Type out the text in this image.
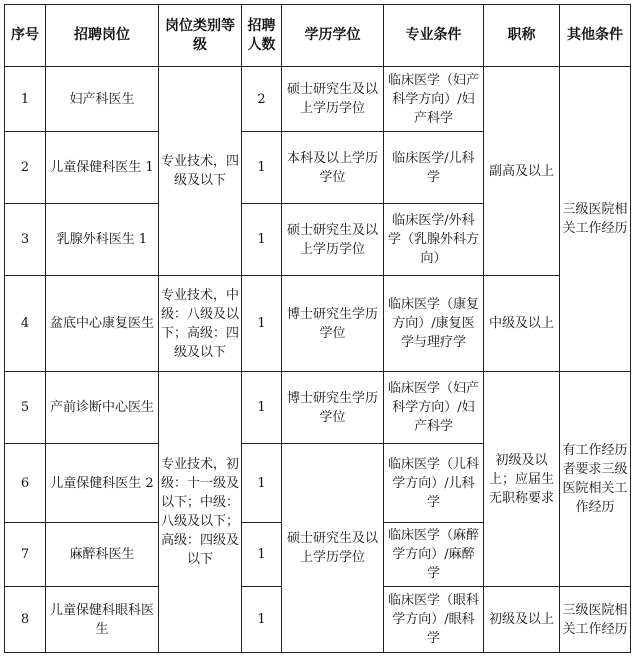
序号	招聘岗位	岗位类别等级	招聘人数	学历学位	专业条件	职称	其他条件
1	妇产科医生	专业技术，四级及以下	2	硕士研究生及以上学历学位	临床医学（妇产科学方向）/妇产科学	副高及以上	三级医院相关工作经历
2	儿童保健科医生 1		1	本科及以上学历学位	临床医学/儿科学		
3	乳腺外科医生 1		1	硕士研究生及以上学历学位	临床医学/外科学（乳腺外科方向）		
4	盆底中心康复医生	专业技术，中级：八级及以下；高级：四级及以下	1	博士研究生学历学位	临床医学（康复方向）/康复医学与理疗学	中级及以上	
5	产前诊断中心医生	专业技术，初级：十一级及以下；中级：八级及以下；高级：四级及以下	1	博士研究生学历学位	临床医学（妇产科学方向）/妇产科学	初级及以上；应届生无职称要求	有工作经历者要求三级医院相关工作经历
6	儿童保健科医生 2		1	硕士研究生及以上学历学位	临床医学（儿科学方向）/儿科学		
7	麻醉科医生		1		临床医学（麻醉学方向）/麻醉学		
8	儿童保健科眼科医生		1		临床医学（眼科学方向）/眼科学	初级及以上	三级医院相关工作经历
